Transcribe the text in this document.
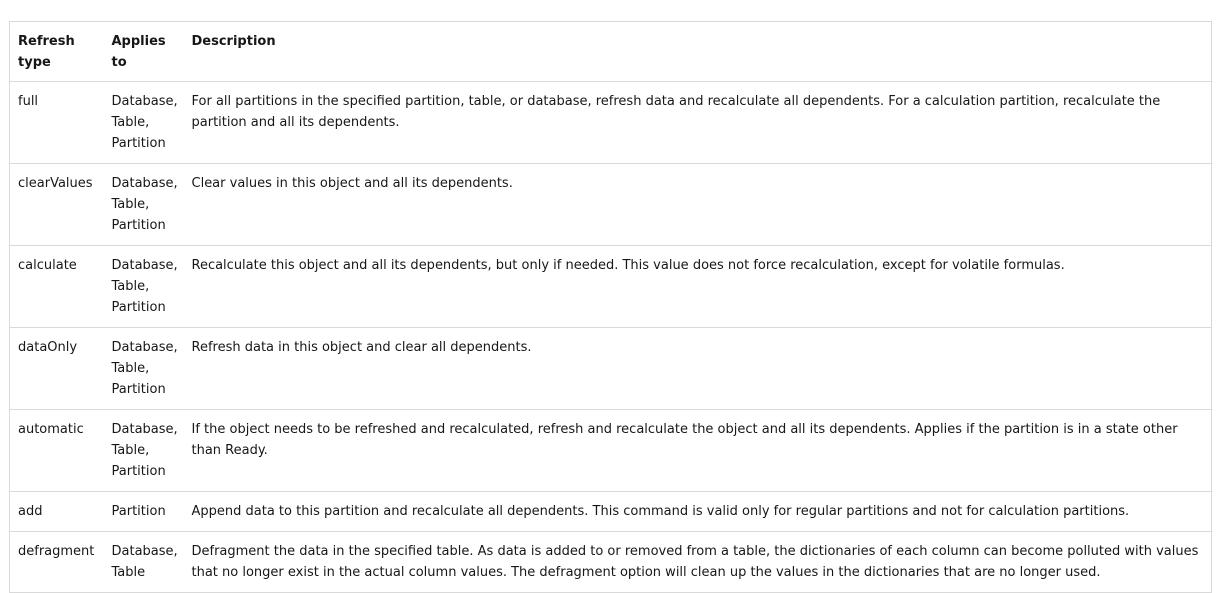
Refresh type	Applies to	Description
full	Database, Table, Partition	For all partitions in the specified partition, table, or database, refresh data and recalculate all dependents. For a calculation partition, recalculate the partition and all its dependents.
clearValues	Database, Table, Partition	Clear values in this object and all its dependents.
calculate	Database, Table, Partition	Recalculate this object and all its dependents, but only if needed. This value does not force recalculation, except for volatile formulas.
dataOnly	Database, Table, Partition	Refresh data in this object and clear all dependents.
automatic	Database, Table, Partition	If the object needs to be refreshed and recalculated, refresh and recalculate the object and all its dependents. Applies if the partition is in a state other than Ready.
add	Partition	Append data to this partition and recalculate all dependents. This command is valid only for regular partitions and not for calculation partitions.
defragment	Database, Table	Defragment the data in the specified table. As data is added to or removed from a table, the dictionaries of each column can become polluted with values that no longer exist in the actual column values. The defragment option will clean up the values in the dictionaries that are no longer used.
